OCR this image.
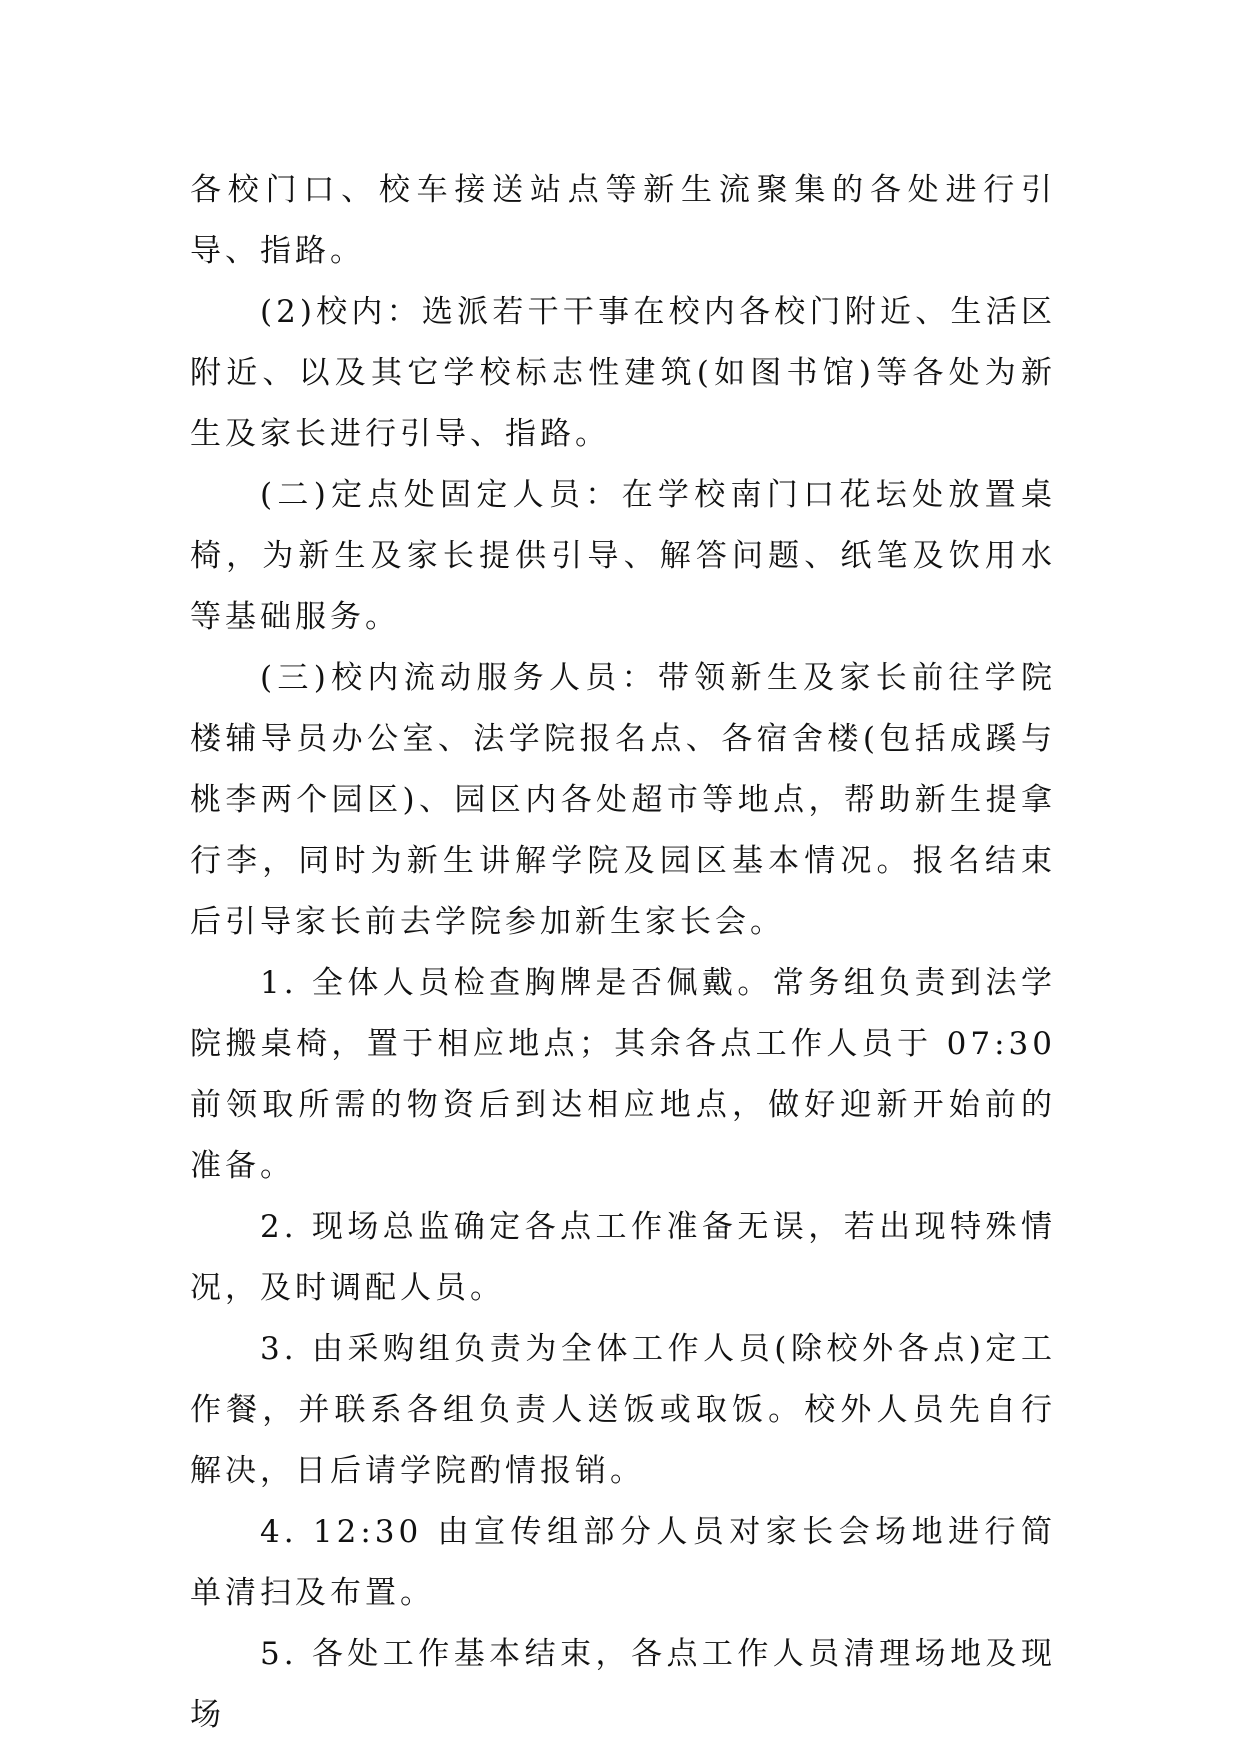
各校门口、校车接送站点等新生流聚集的各处进行引导、指路。

(2)校内：选派若干干事在校内各校门附近、生活区附近、以及其它学校标志性建筑(如图书馆)等各处为新生及家长进行引导、指路。

(二)定点处固定人员：在学校南门口花坛处放置桌椅，为新生及家长提供引导、解答问题、纸笔及饮用水等基础服务。

(三)校内流动服务人员：带领新生及家长前往学院楼辅导员办公室、法学院报名点、各宿舍楼(包括成蹊与桃李两个园区)、园区内各处超市等地点，帮助新生提拿行李，同时为新生讲解学院及园区基本情况。报名结束后引导家长前去学院参加新生家长会。

1. 全体人员检查胸牌是否佩戴。常务组负责到法学院搬桌椅，置于相应地点；其余各点工作人员于 07:30 前领取所需的物资后到达相应地点，做好迎新开始前的准备。

2. 现场总监确定各点工作准备无误，若出现特殊情况，及时调配人员。

3. 由采购组负责为全体工作人员(除校外各点)定工作餐，并联系各组负责人送饭或取饭。校外人员先自行解决，日后请学院酌情报销。

4. 12:30 由宣传组部分人员对家长会场地进行简单清扫及布置。

5. 各处工作基本结束，各点工作人员清理场地及现场
